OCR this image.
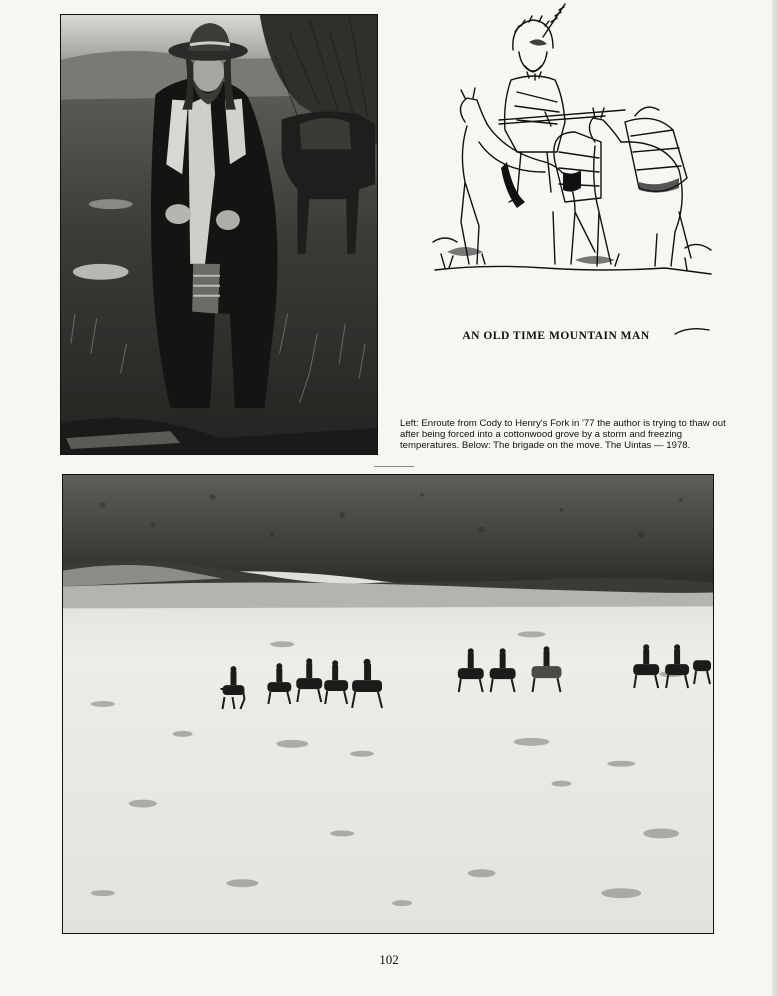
AN OLD TIME MOUNTAIN MAN
Left: Enroute from Cody to Henry's Fork in '77 the author is trying to thaw out after being forced into a cottonwood grove by a storm and freezing temperatures. Below: The brigade on the move. The Uintas — 1978.
102
